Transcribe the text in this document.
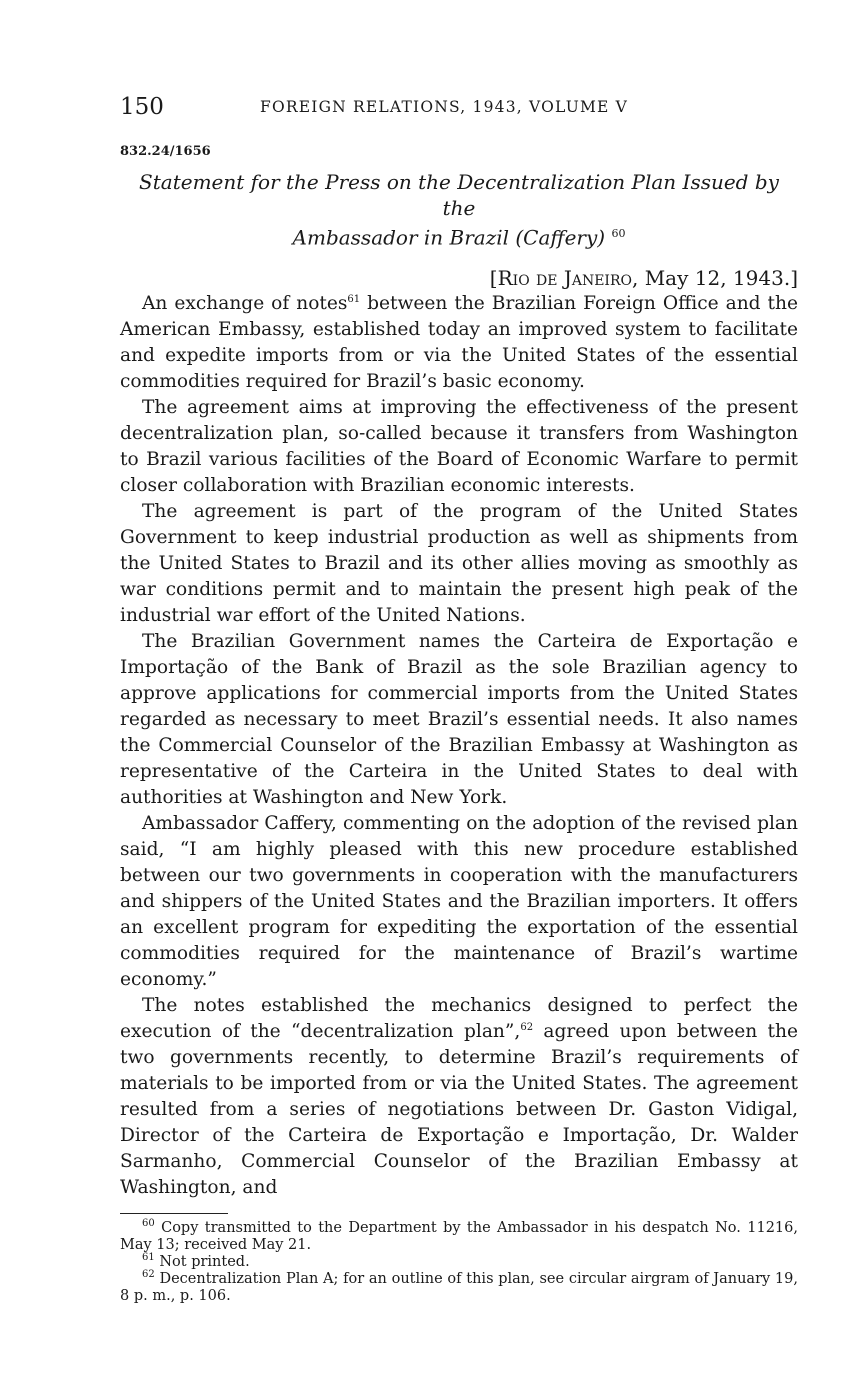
150	FOREIGN RELATIONS, 1943, VOLUME V
832.24/1656
Statement for the Press on the Decentralization Plan Issued by the
Ambassador in Brazil (Caffery) $^{60}$
[Rio de Janeiro, May 12, 1943.]

An exchange of notes$^{61}$ between the Brazilian Foreign Office and the American Embassy, established today an improved system to facilitate and expedite imports from or via the United States of the essential commodities required for Brazil’s basic economy.

The agreement aims at improving the effectiveness of the present decentralization plan, so-called because it transfers from Washington to Brazil various facilities of the Board of Economic Warfare to permit closer collaboration with Brazilian economic interests.

The agreement is part of the program of the United States Government to keep industrial production as well as shipments from the United States to Brazil and its other allies moving as smoothly as war conditions permit and to maintain the present high peak of the industrial war effort of the United Nations.

The Brazilian Government names the Carteira de Exportação e Importação of the Bank of Brazil as the sole Brazilian agency to approve applications for commercial imports from the United States regarded as necessary to meet Brazil’s essential needs. It also names the Commercial Counselor of the Brazilian Embassy at Washington as representative of the Carteira in the United States to deal with authorities at Washington and New York.

Ambassador Caffery, commenting on the adoption of the revised plan said, “I am highly pleased with this new procedure established between our two governments in cooperation with the manufacturers and shippers of the United States and the Brazilian importers. It offers an excellent program for expediting the exportation of the essential commodities required for the maintenance of Brazil’s wartime economy.”

The notes established the mechanics designed to perfect the execution of the “decentralization plan”,$^{62}$ agreed upon between the two governments recently, to determine Brazil’s requirements of materials to be imported from or via the United States. The agreement resulted from a series of negotiations between Dr. Gaston Vidigal, Director of the Carteira de Exportação e Importação, Dr. Walder Sarmanho, Commercial Counselor of the Brazilian Embassy at Washington, and

$^{60}$ Copy transmitted to the Department by the Ambassador in his despatch No. 11216, May 13; received May 21.

$^{61}$ Not printed.

$^{62}$ Decentralization Plan A; for an outline of this plan, see circular airgram of January 19, 8 p. m., p. 106.
